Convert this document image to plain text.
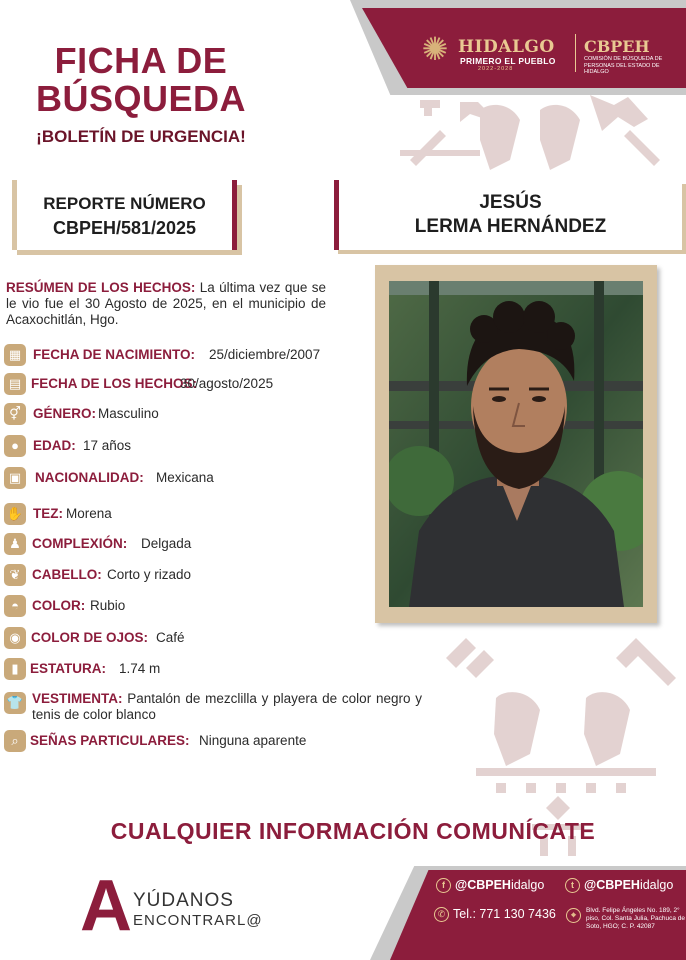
✺ HIDALGO
PRIMERO EL PUEBLO
2022-2028
CBPEH
COMISIÓN DE BÚSQUEDA DE PERSONAS DEL ESTADO DE HIDALGO
FICHA DE
BÚSQUEDA
¡BOLETÍN DE URGENCIA!
REPORTE NÚMERO
CBPEH/581/2025
JESÚS
LERMA HERNÁNDEZ
RESÚMEN DE LOS HECHOS: La última vez que se le vio fue el 30 Agosto de 2025, en el municipio de Acaxochitlán, Hgo.
▦ FECHA DE NACIMIENTO: 25/diciembre/2007
▤ FECHA DE LOS HECHOS:
30/agosto/2025
⚥ GÉNERO: Masculino
●	EDAD: 17 años
▣	NACIONALIDAD: Mexicana
✋ TEZ: Morena
♟ COMPLEXIÓN: Delgada
❦ CABELLO: Corto y rizado
◓ COLOR: Rubio
◉ COLOR DE OJOS: Café
▮ ESTATURA: 1.74 m
👕 VESTIMENTA: Pantalón de mezclilla y playera de color negro y tenis de color blanco
⌕ SEÑAS PARTICULARES: Ninguna aparente
CUALQUIER INFORMACIÓN COMUNÍCATE
A YÚDANOS
ENCONTRARL@
f @CBPEHidalgo	t @CBPEHidalgo
✆ Tel.: 771 130 7436	⌖	Blvd. Felipe Ángeles No. 189, 2° piso, Col. Santa Julia, Pachuca de Soto, HGO; C. P. 42087
